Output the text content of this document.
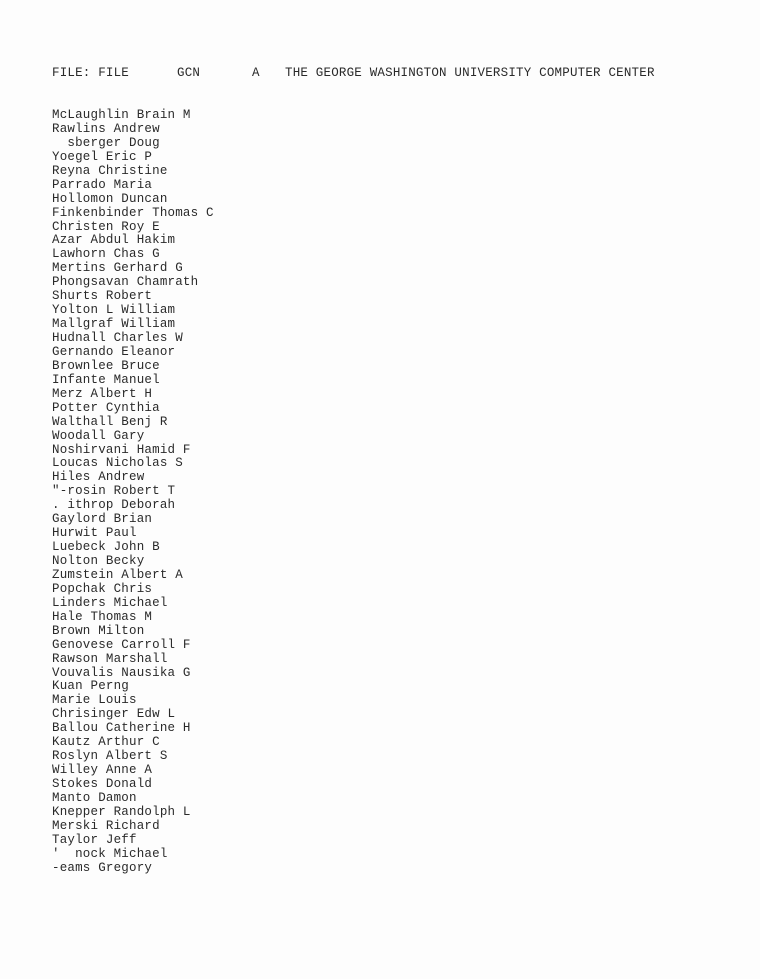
FILE: FILE

	GCN

	A

THE GEORGE WASHINGTON UNIVERSITY COMPUTER CENTER

McLaughlin Brain M
Rawlins Andrew
sberger Doug
Yoegel Eric P
Reyna Christine
Parrado Maria
Hollomon Duncan
Finkenbinder Thomas C
Christen Roy E
Azar Abdul Hakim
Lawhorn Chas G
Mertins Gerhard G
Phongsavan Chamrath
Shurts Robert
Yolton L William
Mallgraf William
Hudnall Charles W
Gernando Eleanor
Brownlee Bruce
Infante Manuel
Merz Albert H
Potter Cynthia
Walthall Benj R
Woodall Gary
Noshirvani Hamid F
Loucas Nicholas S
Hiles Andrew
"-rosin Robert T
. ithrop Deborah
Gaylord Brian
Hurwit Paul
Luebeck John B
Nolton Becky
Zumstein Albert A
Popchak Chris
Linders Michael
Hale Thomas M
Brown Milton
Genovese Carroll F
Rawson Marshall
Vouvalis Nausika G
Kuan Perng
Marie Louis
Chrisinger Edw L
Ballou Catherine H
Kautz Arthur C
Roslyn Albert S
Willey Anne A
Stokes Donald
Manto Damon
Knepper Randolph L
Merski Richard
Taylor Jeff
'  nock Michael
-eams Gregory
